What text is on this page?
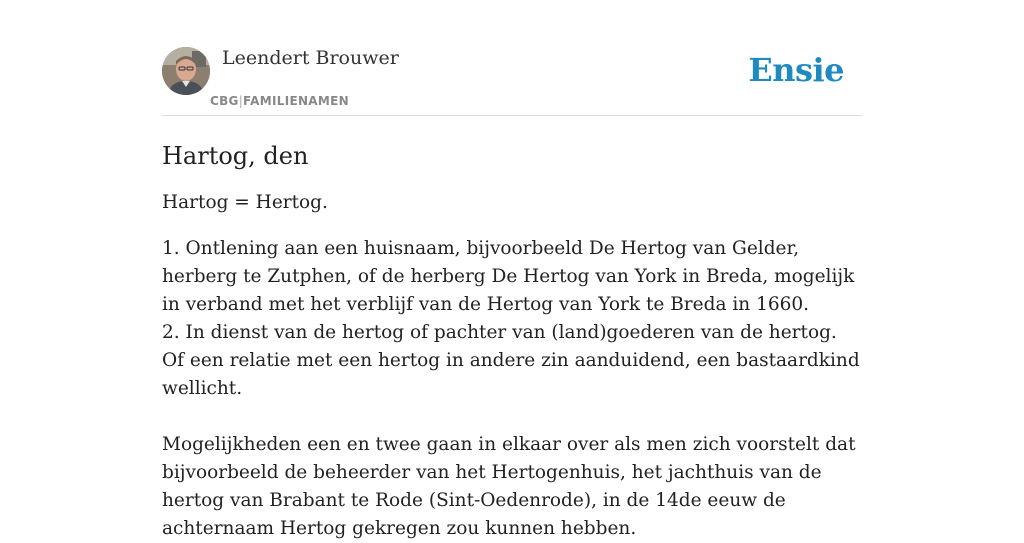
Leendert Brouwer
CBG|FAMILIENAMEN
Ensie
Hartog, den

Hartog = Hertog.

1. Ontlening aan een huisnaam, bijvoorbeeld De Hertog van Gelder, herberg te Zutphen, of de herberg De Hertog van York in Breda, mogelijk in verband met het verblijf van de Hertog van York te Breda in 1660.

2. In dienst van de hertog of pachter van (land)goederen van de hertog. Of een relatie met een hertog in andere zin aanduidend, een bastaardkind wellicht.

Mogelijkheden een en twee gaan in elkaar over als men zich voorstelt dat bijvoorbeeld de beheerder van het Hertogenhuis, het jachthuis van de hertog van Brabant te Rode (Sint-Oedenrode), in de 14de eeuw de achternaam Hertog gekregen zou kunnen hebben.
